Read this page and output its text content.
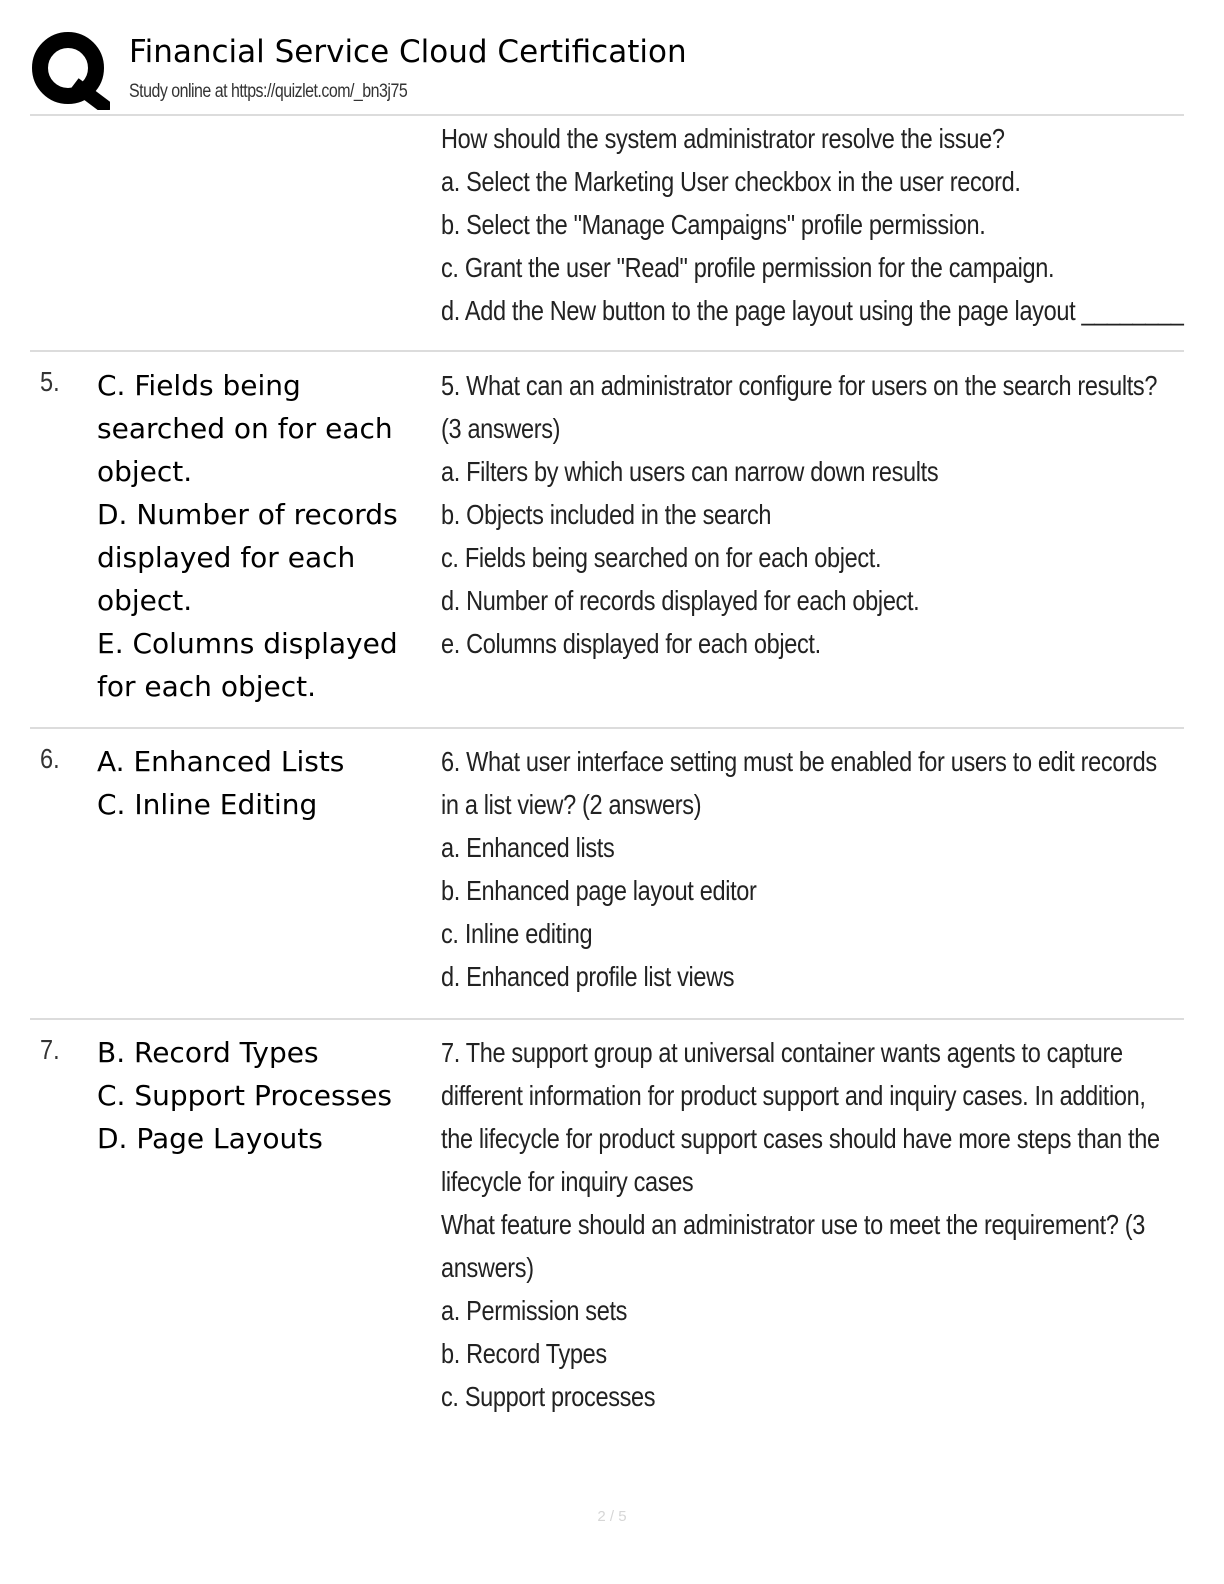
Financial Service Cloud Certification
Study online at https://quizlet.com/_bn3j75
How should the system administrator resolve the issue?
a. Select the Marketing User checkbox in the user record.
b. Select the "Manage Campaigns" profile permission.
c. Grant the user "Read" profile permission for the campaign.
d. Add the New button to the page layout using the page layout ________
5. C. Fields being searched on for each object.
D. Number of records displayed for each object.
E. Columns displayed for each object.
5. What can an administrator configure for users on the search results? (3 answers)
a. Filters by which users can narrow down results
b. Objects included in the search
c. Fields being searched on for each object.
d. Number of records displayed for each object.
e. Columns displayed for each object.
6. A. Enhanced Lists
C. Inline Editing
6. What user interface setting must be enabled for users to edit records in a list view? (2 answers)
a. Enhanced lists
b. Enhanced page layout editor
c. Inline editing
d. Enhanced profile list views
7. B. Record Types
C. Support Processes
D. Page Layouts
7. The support group at universal container wants agents to capture different information for product support and inquiry cases. In addition, the lifecycle for product support cases should have more steps than the lifecycle for inquiry cases
What feature should an administrator use to meet the requirement? (3 answers)
a. Permission sets
b. Record Types
c. Support processes
2 / 5
